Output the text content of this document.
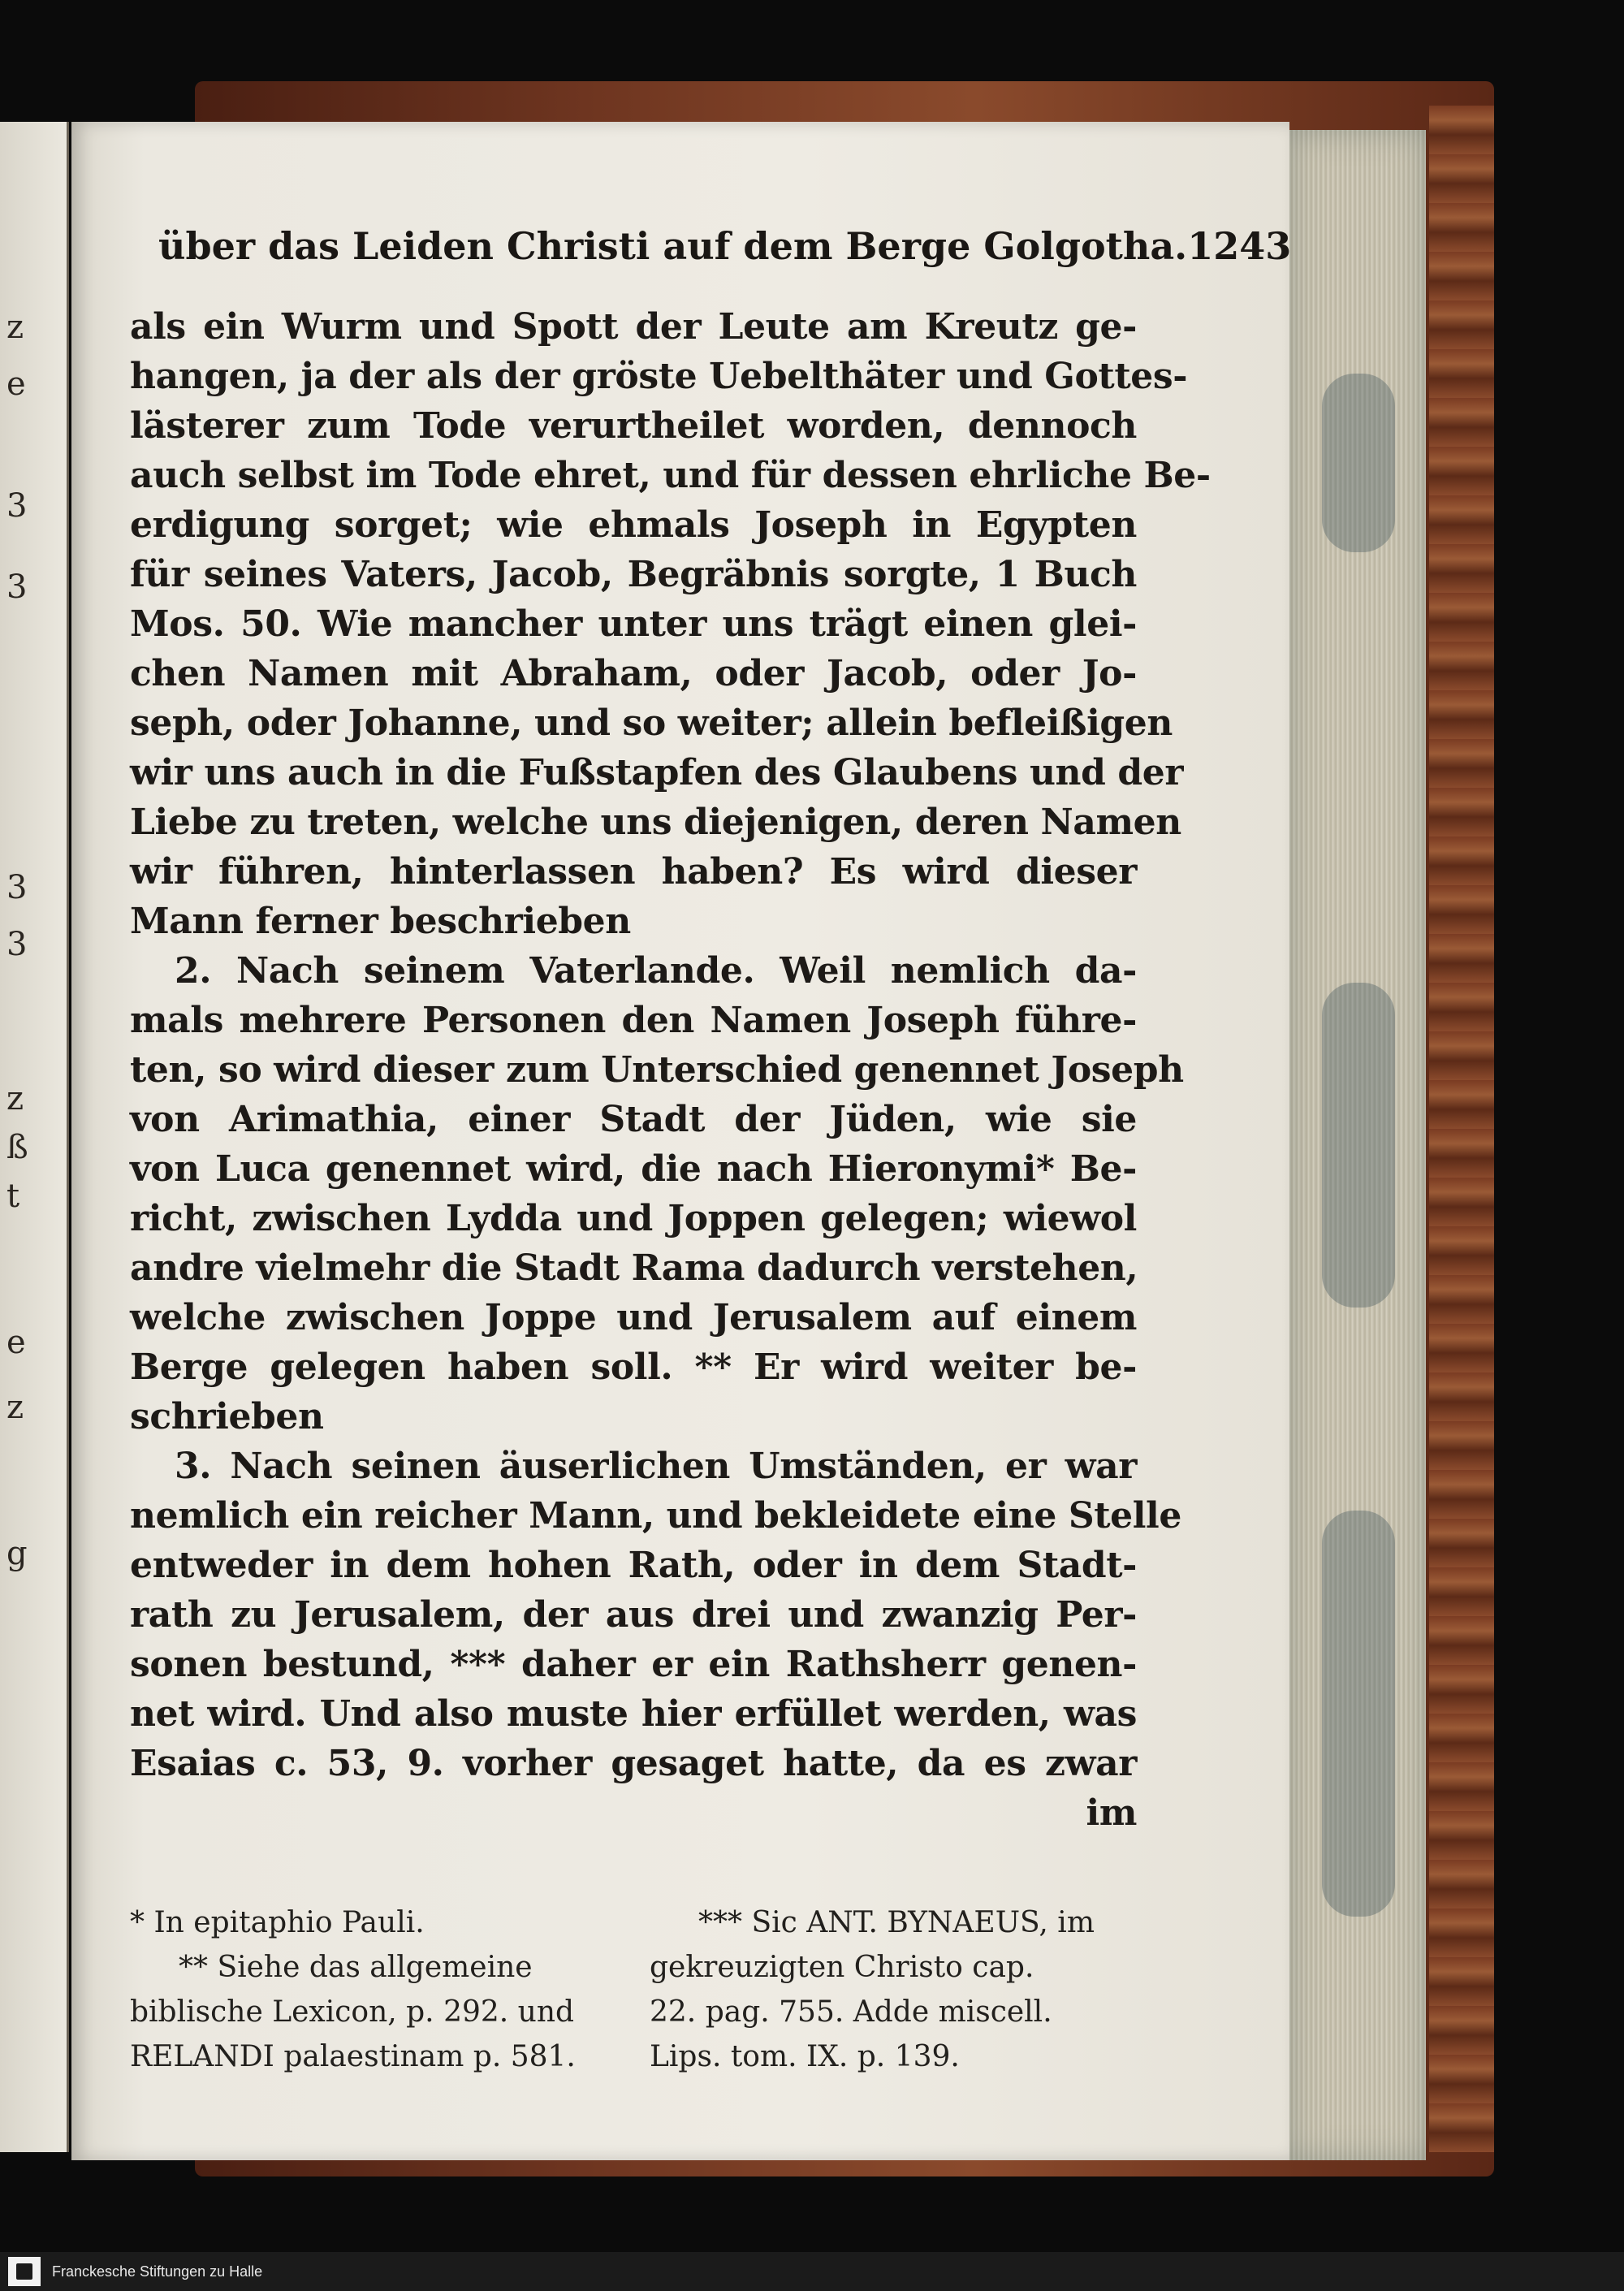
z
e
3
3
3
3
z
ß
t
e
z
g
über das Leiden Christi auf dem Berge Golgotha. 1243
als ein Wurm und Spott der Leute am Kreutz ge-
hangen, ja der als der gröste Uebelthäter und Gottes-
lästerer zum Tode verurtheilet worden, dennoch
auch selbst im Tode ehret, und für dessen ehrliche Be-
erdigung sorget; wie ehmals Joseph in Egypten
für seines Vaters, Jacob, Begräbnis sorgte, 1 Buch
Mos. 50. Wie mancher unter uns trägt einen glei-
chen Namen mit Abraham, oder Jacob, oder Jo-
seph, oder Johanne, und so weiter; allein befleißigen
wir uns auch in die Fußstapfen des Glaubens und der
Liebe zu treten, welche uns diejenigen, deren Namen
wir führen, hinterlassen haben? Es wird dieser
Mann ferner beschrieben
2. Nach seinem Vaterlande. Weil nemlich da-
mals mehrere Personen den Namen Joseph führe-
ten, so wird dieser zum Unterschied genennet Joseph
von Arimathia, einer Stadt der Jüden, wie sie
von Luca genennet wird, die nach Hieronymi* Be-
richt, zwischen Lydda und Joppen gelegen; wiewol
andre vielmehr die Stadt Rama dadurch verstehen,
welche zwischen Joppe und Jerusalem auf einem
Berge gelegen haben soll. ** Er wird weiter be-
schrieben
3. Nach seinen äuserlichen Umständen, er war
nemlich ein reicher Mann, und bekleidete eine Stelle
entweder in dem hohen Rath, oder in dem Stadt-
rath zu Jerusalem, der aus drei und zwanzig Per-
sonen bestund, *** daher er ein Rathsherr genen-
net wird. Und also muste hier erfüllet werden, was
Esaias c. 53, 9. vorher gesaget hatte, da es zwar
im
* In epitaphio Pauli.
** Siehe das allgemeine
biblische Lexicon, p. 292. und
RELANDI palaestinam p. 581.
*** Sic ANT. BYNAEUS, im
gekreuzigten Christo cap.
22. pag. 755. Adde miscell.
Lips. tom. IX. p. 139.
Franckesche Stiftungen zu Halle
